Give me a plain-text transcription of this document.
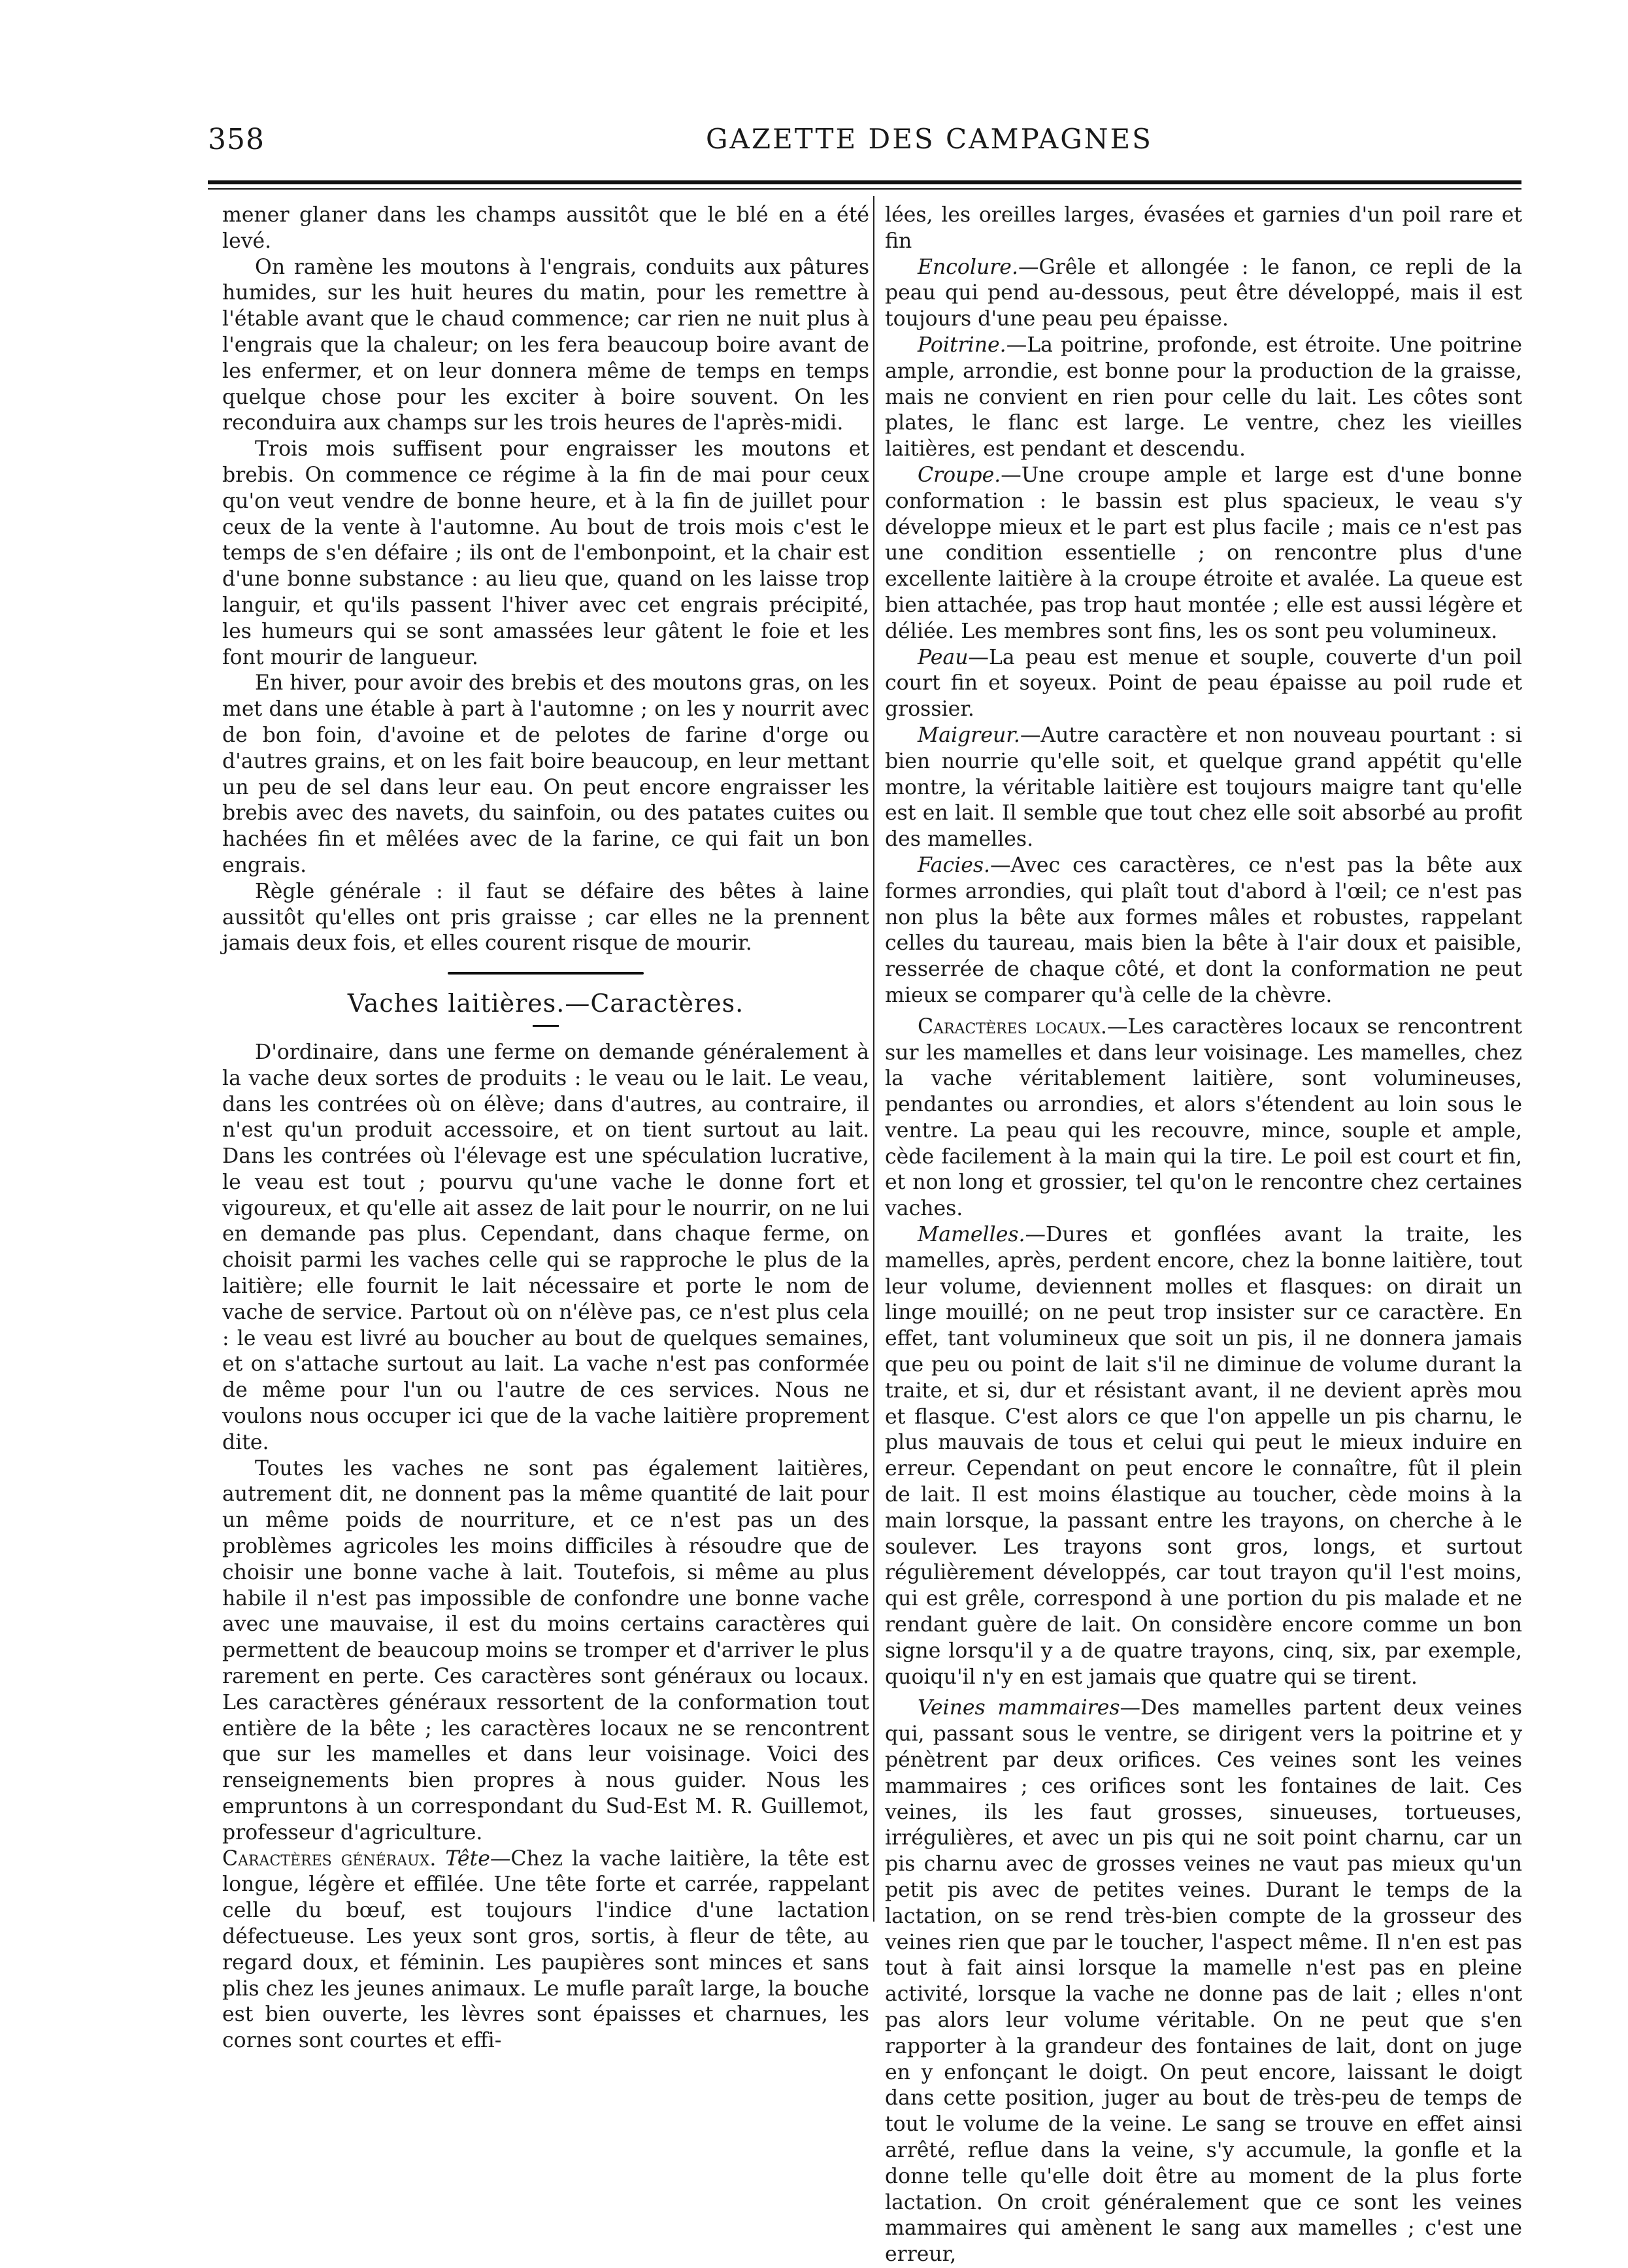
358	GAZETTE DES CAMPAGNES

mener glaner dans les champs aussitôt que le blé en a été levé.

On ramène les moutons à l'engrais, conduits aux pâtures humides, sur les huit heures du matin, pour les remettre à l'étable avant que le chaud commence; car rien ne nuit plus à l'engrais que la chaleur; on les fera beaucoup boire avant de les enfermer, et on leur donnera même de temps en temps quelque chose pour les exciter à boire souvent. On les reconduira aux champs sur les trois heures de l'après-midi.

Trois mois suffisent pour engraisser les moutons et brebis. On commence ce régime à la fin de mai pour ceux qu'on veut vendre de bonne heure, et à la fin de juillet pour ceux de la vente à l'automne. Au bout de trois mois c'est le temps de s'en défaire ; ils ont de l'embonpoint, et la chair est d'une bonne substance : au lieu que, quand on les laisse trop languir, et qu'ils passent l'hiver avec cet engrais précipité, les humeurs qui se sont amassées leur gâtent le foie et les font mourir de langueur.

En hiver, pour avoir des brebis et des moutons gras, on les met dans une étable à part à l'automne ; on les y nourrit avec de bon foin, d'avoine et de pelotes de farine d'orge ou d'autres grains, et on les fait boire beaucoup, en leur mettant un peu de sel dans leur eau. On peut encore engraisser les brebis avec des navets, du sainfoin, ou des patates cuites ou hachées fin et mêlées avec de la farine, ce qui fait un bon engrais.

Règle générale : il faut se défaire des bêtes à laine aussitôt qu'elles ont pris graisse ; car elles ne la prennent jamais deux fois, et elles courent risque de mourir.

Vaches laitières.—Caractères.

D'ordinaire, dans une ferme on demande généralement à la vache deux sortes de produits : le veau ou le lait. Le veau, dans les contrées où on élève; dans d'autres, au contraire, il n'est qu'un produit accessoire, et on tient surtout au lait. Dans les contrées où l'élevage est une spéculation lucrative, le veau est tout ; pourvu qu'une vache le donne fort et vigoureux, et qu'elle ait assez de lait pour le nourrir, on ne lui en demande pas plus. Cependant, dans chaque ferme, on choisit parmi les vaches celle qui se rapproche le plus de la laitière; elle fournit le lait nécessaire et porte le nom de vache de service. Partout où on n'élève pas, ce n'est plus cela : le veau est livré au boucher au bout de quelques semaines, et on s'attache surtout au lait. La vache n'est pas conformée de même pour l'un ou l'autre de ces services. Nous ne voulons nous occuper ici que de la vache laitière proprement dite.

Toutes les vaches ne sont pas également laitières, autrement dit, ne donnent pas la même quantité de lait pour un même poids de nourriture, et ce n'est pas un des problèmes agricoles les moins difficiles à résoudre que de choisir une bonne vache à lait. Toutefois, si même au plus habile il n'est pas impossible de confondre une bonne vache avec une mauvaise, il est du moins certains caractères qui permettent de beaucoup moins se tromper et d'arriver le plus rarement en perte. Ces caractères sont généraux ou locaux. Les caractères généraux ressortent de la conformation tout entière de la bête ; les caractères locaux ne se rencontrent que sur les mamelles et dans leur voisinage. Voici des renseignements bien propres à nous guider. Nous les empruntons à un correspondant du Sud-Est M. R. Guillemot, professeur d'agriculture.

Caractères généraux. Tête—Chez la vache laitière, la tête est longue, légère et effilée. Une tête forte et carrée, rappelant celle du bœuf, est toujours l'indice d'une lactation défectueuse. Les yeux sont gros, sortis, à fleur de tête, au regard doux, et féminin. Les paupières sont minces et sans plis chez les jeunes animaux. Le mufle paraît large, la bouche est bien ouverte, les lèvres sont épaisses et charnues, les cornes sont courtes et effi-

lées, les oreilles larges, évasées et garnies d'un poil rare et fin

Encolure.—Grêle et allongée : le fanon, ce repli de la peau qui pend au-dessous, peut être développé, mais il est toujours d'une peau peu épaisse.

Poitrine.—La poitrine, profonde, est étroite. Une poitrine ample, arrondie, est bonne pour la production de la graisse, mais ne convient en rien pour celle du lait. Les côtes sont plates, le flanc est large. Le ventre, chez les vieilles laitières, est pendant et descendu.

Croupe.—Une croupe ample et large est d'une bonne conformation : le bassin est plus spacieux, le veau s'y développe mieux et le part est plus facile ; mais ce n'est pas une condition essentielle ; on rencontre plus d'une excellente laitière à la croupe étroite et avalée. La queue est bien attachée, pas trop haut montée ; elle est aussi légère et déliée. Les membres sont fins, les os sont peu volumineux.

Peau—La peau est menue et souple, couverte d'un poil court fin et soyeux. Point de peau épaisse au poil rude et grossier.

Maigreur.—Autre caractère et non nouveau pourtant : si bien nourrie qu'elle soit, et quelque grand appétit qu'elle montre, la véritable laitière est toujours maigre tant qu'elle est en lait. Il semble que tout chez elle soit absorbé au profit des mamelles.

Facies.—Avec ces caractères, ce n'est pas la bête aux formes arrondies, qui plaît tout d'abord à l'œil; ce n'est pas non plus la bête aux formes mâles et robustes, rappelant celles du taureau, mais bien la bête à l'air doux et paisible, resserrée de chaque côté, et dont la conformation ne peut mieux se comparer qu'à celle de la chèvre.

Caractères locaux.—Les caractères locaux se rencontrent sur les mamelles et dans leur voisinage. Les mamelles, chez la vache véritablement laitière, sont volumineuses, pendantes ou arrondies, et alors s'étendent au loin sous le ventre. La peau qui les recouvre, mince, souple et ample, cède facilement à la main qui la tire. Le poil est court et fin, et non long et grossier, tel qu'on le rencontre chez certaines vaches.

Mamelles.—Dures et gonflées avant la traite, les mamelles, après, perdent encore, chez la bonne laitière, tout leur volume, deviennent molles et flasques: on dirait un linge mouillé; on ne peut trop insister sur ce caractère. En effet, tant volumineux que soit un pis, il ne donnera jamais que peu ou point de lait s'il ne diminue de volume durant la traite, et si, dur et résistant avant, il ne devient après mou et flasque. C'est alors ce que l'on appelle un pis charnu, le plus mauvais de tous et celui qui peut le mieux induire en erreur. Cependant on peut encore le connaître, fût il plein de lait. Il est moins élastique au toucher, cède moins à la main lorsque, la passant entre les trayons, on cherche à le soulever. Les trayons sont gros, longs, et surtout régulièrement développés, car tout trayon qu'il l'est moins, qui est grêle, correspond à une portion du pis malade et ne rendant guère de lait. On considère encore comme un bon signe lorsqu'il y a de quatre trayons, cinq, six, par exemple, quoiqu'il n'y en est jamais que quatre qui se tirent.

Veines mammaires—Des mamelles partent deux veines qui, passant sous le ventre, se dirigent vers la poitrine et y pénètrent par deux orifices. Ces veines sont les veines mammaires ; ces orifices sont les fontaines de lait. Ces veines, ils les faut grosses, sinueuses, tortueuses, irrégulières, et avec un pis qui ne soit point charnu, car un pis charnu avec de grosses veines ne vaut pas mieux qu'un petit pis avec de petites veines. Durant le temps de la lactation, on se rend très-bien compte de la grosseur des veines rien que par le toucher, l'aspect même. Il n'en est pas tout à fait ainsi lorsque la mamelle n'est pas en pleine activité, lorsque la vache ne donne pas de lait ; elles n'ont pas alors leur volume véritable. On ne peut que s'en rapporter à la grandeur des fontaines de lait, dont on juge en y enfonçant le doigt. On peut encore, laissant le doigt dans cette position, juger au bout de très-peu de temps de tout le volume de la veine. Le sang se trouve en effet ainsi arrêté, reflue dans la veine, s'y accumule, la gonfle et la donne telle qu'elle doit être au moment de la plus forte lactation. On croit généralement que ce sont les veines mammaires qui amènent le sang aux mamelles ; c'est une erreur,
